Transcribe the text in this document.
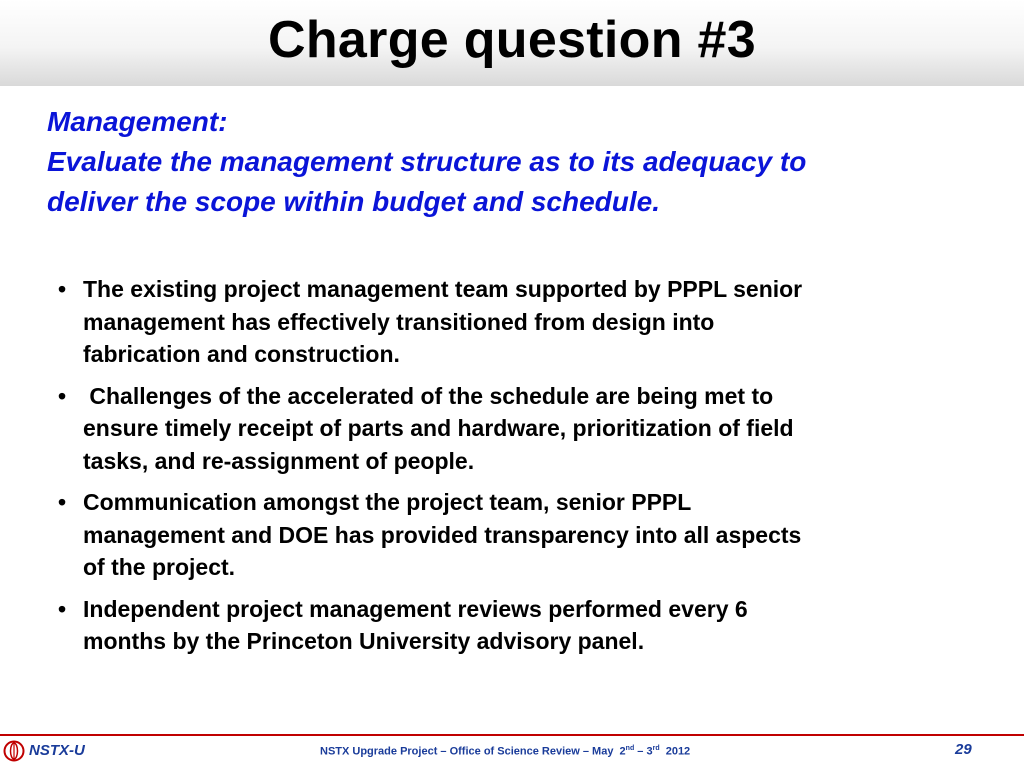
Charge question #3
Management:
Evaluate the management structure as to its adequacy to
deliver the scope within budget and schedule.
• The existing project management team supported by PPPL senior
management has effectively transitioned from design into
fabrication and construction.
• Challenges of the accelerated of the schedule are being met to
ensure timely receipt of parts and hardware, prioritization of field
tasks, and re-assignment of people.
• Communication amongst the project team, senior PPPL
management and DOE has provided transparency into all aspects
of the project.
• Independent project management reviews performed every 6
months by the Princeton University advisory panel.
NSTX-U	NSTX Upgrade Project – Office of Science Review – May  2nd – 3rd  2012	29
